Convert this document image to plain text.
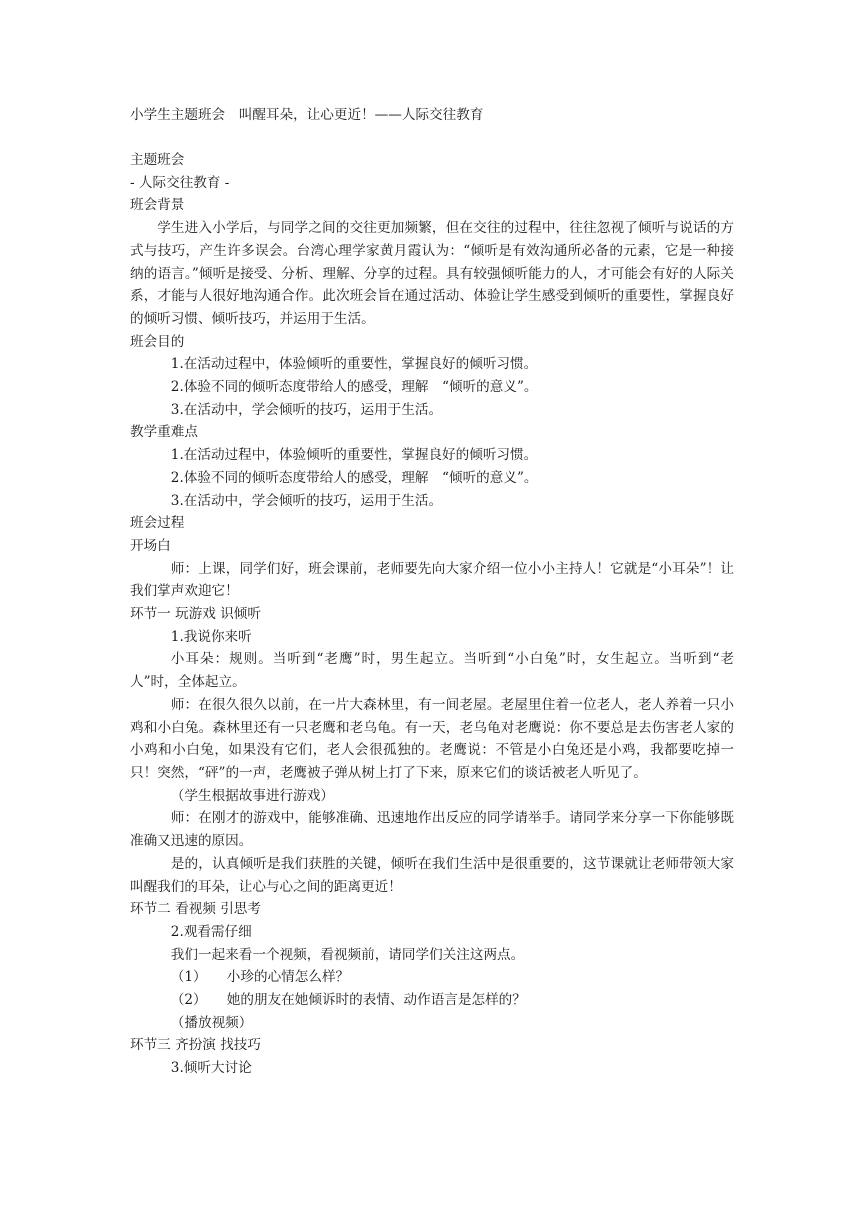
小学生主题班会　叫醒耳朵，让心更近！——人际交往教育

主题班会

- 人际交往教育 -

班会背景

学生进入小学后，与同学之间的交往更加频繁，但在交往的过程中，往往忽视了倾听与说话的方式与技巧，产生许多误会。台湾心理学家黄月霞认为：“倾听是有效沟通所必备的元素，它是一种接纳的语言。”倾听是接受、分析、理解、分享的过程。具有较强倾听能力的人，才可能会有好的人际关系，才能与人很好地沟通合作。此次班会旨在通过活动、体验让学生感受到倾听的重要性，掌握良好的倾听习惯、倾听技巧，并运用于生活。

班会目的

1.在活动过程中，体验倾听的重要性，掌握良好的倾听习惯。

2.体验不同的倾听态度带给人的感受，理解　“倾听的意义”。

3.在活动中，学会倾听的技巧，运用于生活。

教学重难点

1.在活动过程中，体验倾听的重要性，掌握良好的倾听习惯。

2.体验不同的倾听态度带给人的感受，理解　“倾听的意义”。

3.在活动中，学会倾听的技巧，运用于生活。

班会过程

开场白

师：上课，同学们好，班会课前，老师要先向大家介绍一位小小主持人！它就是“小耳朵”！让我们掌声欢迎它！

环节一 玩游戏 识倾听

1.我说你来听

小耳朵：规则。当听到“老鹰”时，男生起立。当听到“小白兔”时，女生起立。当听到“老人”时，全体起立。

师：在很久很久以前，在一片大森林里，有一间老屋。老屋里住着一位老人，老人养着一只小鸡和小白兔。森林里还有一只老鹰和老乌龟。有一天，老乌龟对老鹰说：你不要总是去伤害老人家的小鸡和小白兔，如果没有它们，老人会很孤独的。老鹰说：不管是小白兔还是小鸡，我都要吃掉一只！突然，“砰”的一声，老鹰被子弹从树上打了下来，原来它们的谈话被老人听见了。

（学生根据故事进行游戏）

师：在刚才的游戏中，能够准确、迅速地作出反应的同学请举手。请同学来分享一下你能够既准确又迅速的原因。

是的，认真倾听是我们获胜的关键，倾听在我们生活中是很重要的，这节课就让老师带领大家叫醒我们的耳朵，让心与心之间的距离更近！

环节二 看视频 引思考

2.观看需仔细

我们一起来看一个视频，看视频前，请同学们关注这两点。

（1） 小珍的心情怎么样？

（2） 她的朋友在她倾诉时的表情、动作语言是怎样的？

（播放视频）

环节三 齐扮演 找技巧

3.倾听大讨论
